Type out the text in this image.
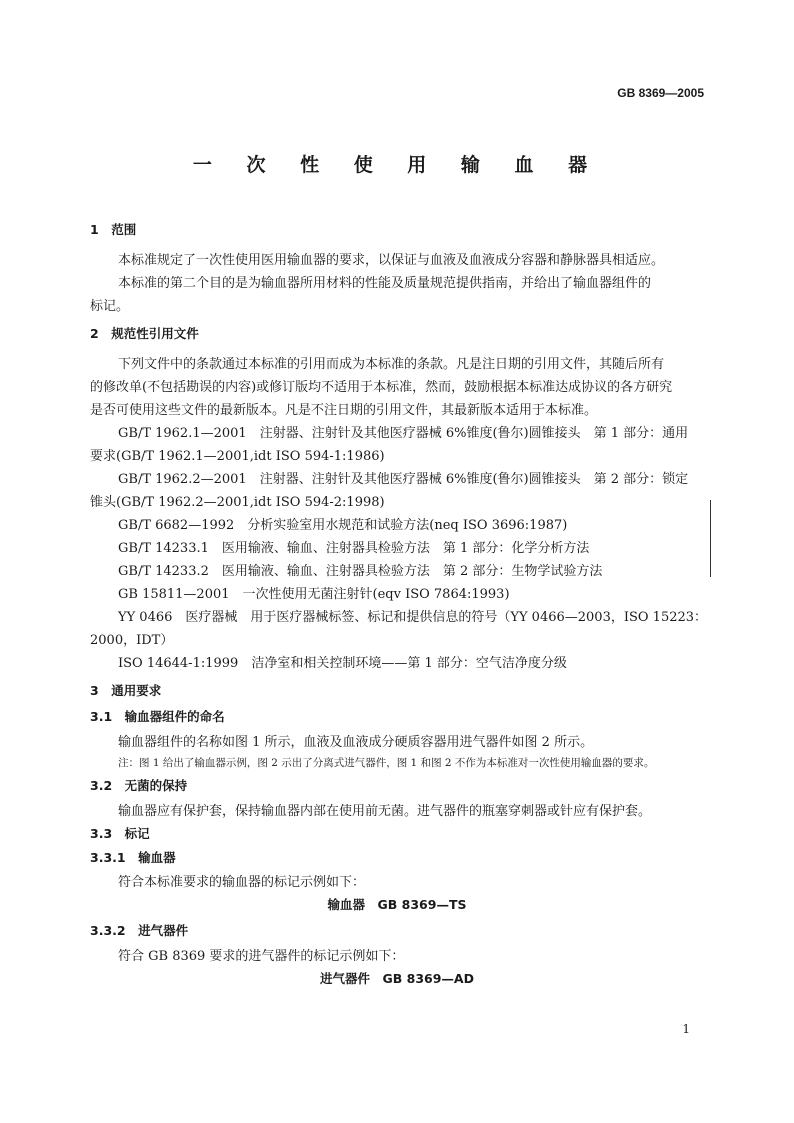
GB 8369—2005
一 次 性 使 用 输 血 器
1　范围
本标准规定了一次性使用医用输血器的要求，以保证与血液及血液成分容器和静脉器具相适应。
本标准的第二个目的是为输血器所用材料的性能及质量规范提供指南，并给出了输血器组件的
标记。
2　规范性引用文件
下列文件中的条款通过本标准的引用而成为本标准的条款。凡是注日期的引用文件，其随后所有
的修改单(不包括勘误的内容)或修订版均不适用于本标准，然而，鼓励根据本标准达成协议的各方研究
是否可使用这些文件的最新版本。凡是不注日期的引用文件，其最新版本适用于本标准。
GB/T 1962.1—2001　注射器、注射针及其他医疗器械 6%锥度(鲁尔)圆锥接头　第 1 部分：通用
要求(GB/T 1962.1—2001,idt ISO 594-1:1986)
GB/T 1962.2—2001　注射器、注射针及其他医疗器械 6%锥度(鲁尔)圆锥接头　第 2 部分：锁定
锥头(GB/T 1962.2—2001,idt ISO 594-2:1998)
GB/T 6682—1992　分析实验室用水规范和试验方法(neq ISO 3696:1987)
GB/T 14233.1　医用输液、输血、注射器具检验方法　第 1 部分：化学分析方法
GB/T 14233.2　医用输液、输血、注射器具检验方法　第 2 部分：生物学试验方法
GB 15811—2001　一次性使用无菌注射针(eqv ISO 7864:1993)
YY 0466　医疗器械　用于医疗器械标签、标记和提供信息的符号（YY 0466—2003，ISO 15223：
2000，IDT）
ISO 14644-1:1999　洁净室和相关控制环境——第 1 部分：空气洁净度分级
3　通用要求
3.1　输血器组件的命名
输血器组件的名称如图 1 所示，血液及血液成分硬质容器用进气器件如图 2 所示。
注：图 1 给出了输血器示例，图 2 示出了分离式进气器件，图 1 和图 2 不作为本标准对一次性使用输血器的要求。
3.2　无菌的保持
输血器应有保护套，保持输血器内部在使用前无菌。进气器件的瓶塞穿刺器或针应有保护套。
3.3　标记
3.3.1　输血器
符合本标准要求的输血器的标记示例如下：
输血器　GB 8369—TS
3.3.2　进气器件
符合 GB 8369 要求的进气器件的标记示例如下：
进气器件　GB 8369—AD
1
